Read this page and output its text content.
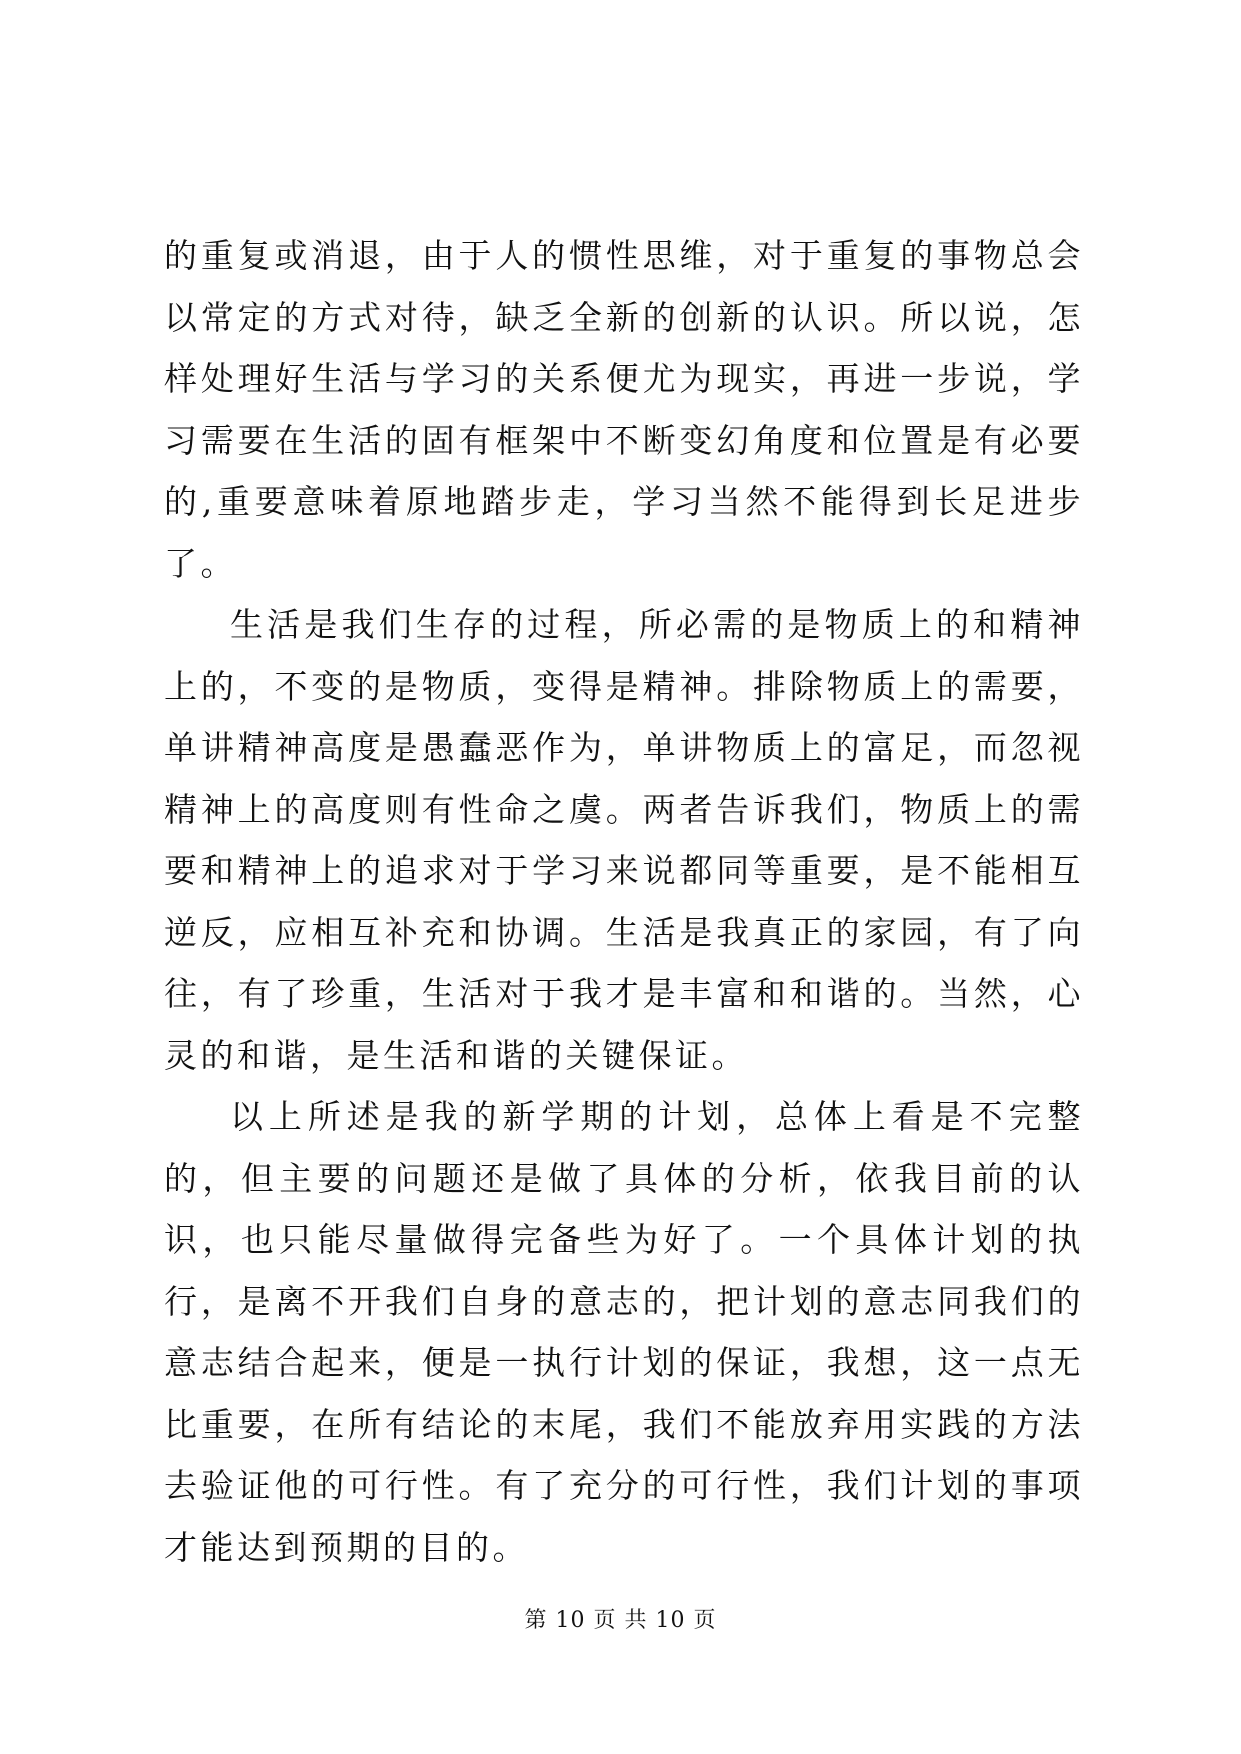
的重复或消退，由于人的惯性思维，对于重复的事物总会以常定的方式对待，缺乏全新的创新的认识。所以说，怎样处理好生活与学习的关系便尤为现实，再进一步说，学习需要在生活的固有框架中不断变幻角度和位置是有必要的,重要意味着原地踏步走，学习当然不能得到长足进步了。

生活是我们生存的过程，所必需的是物质上的和精神上的，不变的是物质，变得是精神。排除物质上的需要，单讲精神高度是愚蠢恶作为，单讲物质上的富足，而忽视精神上的高度则有性命之虞。两者告诉我们，物质上的需要和精神上的追求对于学习来说都同等重要，是不能相互逆反，应相互补充和协调。生活是我真正的家园，有了向往，有了珍重，生活对于我才是丰富和和谐的。当然，心灵的和谐，是生活和谐的关键保证。

以上所述是我的新学期的计划，总体上看是不完整的，但主要的问题还是做了具体的分析，依我目前的认识，也只能尽量做得完备些为好了。一个具体计划的执行，是离不开我们自身的意志的，把计划的意志同我们的意志结合起来，便是一执行计划的保证，我想，这一点无比重要，在所有结论的末尾，我们不能放弃用实践的方法去验证他的可行性。有了充分的可行性，我们计划的事项才能达到预期的目的。

第 10 页 共 10 页
